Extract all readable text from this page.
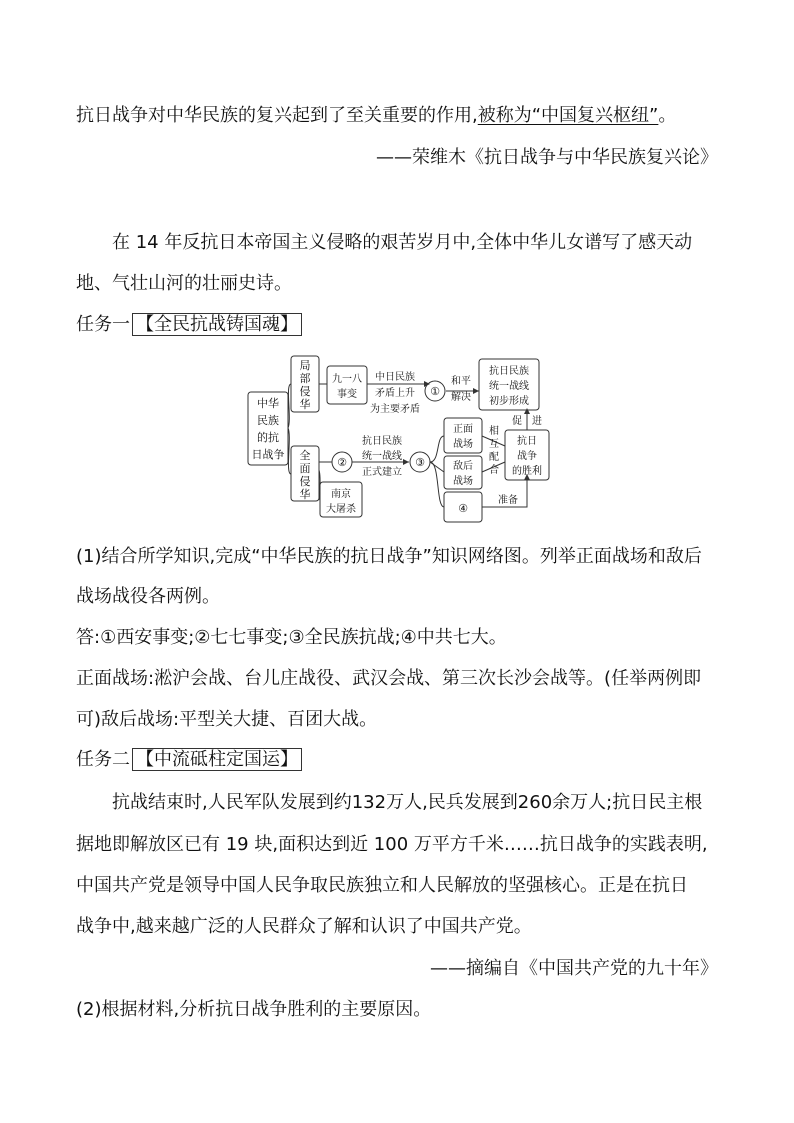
抗日战争对中华民族的复兴起到了至关重要的作用,被称为“中国复兴枢纽”。
——荣维木《抗日战争与中华民族复兴论》
在 14 年反抗日本帝国主义侵略的艰苦岁月中,全体中华儿女谱写了感天动
地、气壮山河的壮丽史诗。
任务一 【全民抗战铸国魂】
中华
民族
的抗
日战争
局
部
侵
华
全
面
侵
华
九一八
事变
中日民族
矛盾上升
为主要矛盾
①
和平
解决
抗日民族
统一战线
初步形成
②
抗日民族
统一战线
正式建立
③
正面
战场
敌后
战场
④
相
互
配
合
促 进
抗日
战争
的胜利
准备
南京
大屠杀
(1)结合所学知识,完成“中华民族的抗日战争”知识网络图。列举正面战场和敌后
战场战役各两例。
答:①西安事变;②七七事变;③全民族抗战;④中共七大。
正面战场:淞沪会战、台儿庄战役、武汉会战、第三次长沙会战等。(任举两例即
可)敌后战场:平型关大捷、百团大战。
任务二 【中流砥柱定国运】
抗战结束时,人民军队发展到约132万人,民兵发展到260余万人;抗日民主根
据地即解放区已有 19 块,面积达到近 100 万平方千米……抗日战争的实践表明,
中国共产党是领导中国人民争取民族独立和人民解放的坚强核心。正是在抗日
战争中,越来越广泛的人民群众了解和认识了中国共产党。
——摘编自《中国共产党的九十年》
(2)根据材料,分析抗日战争胜利的主要原因。
